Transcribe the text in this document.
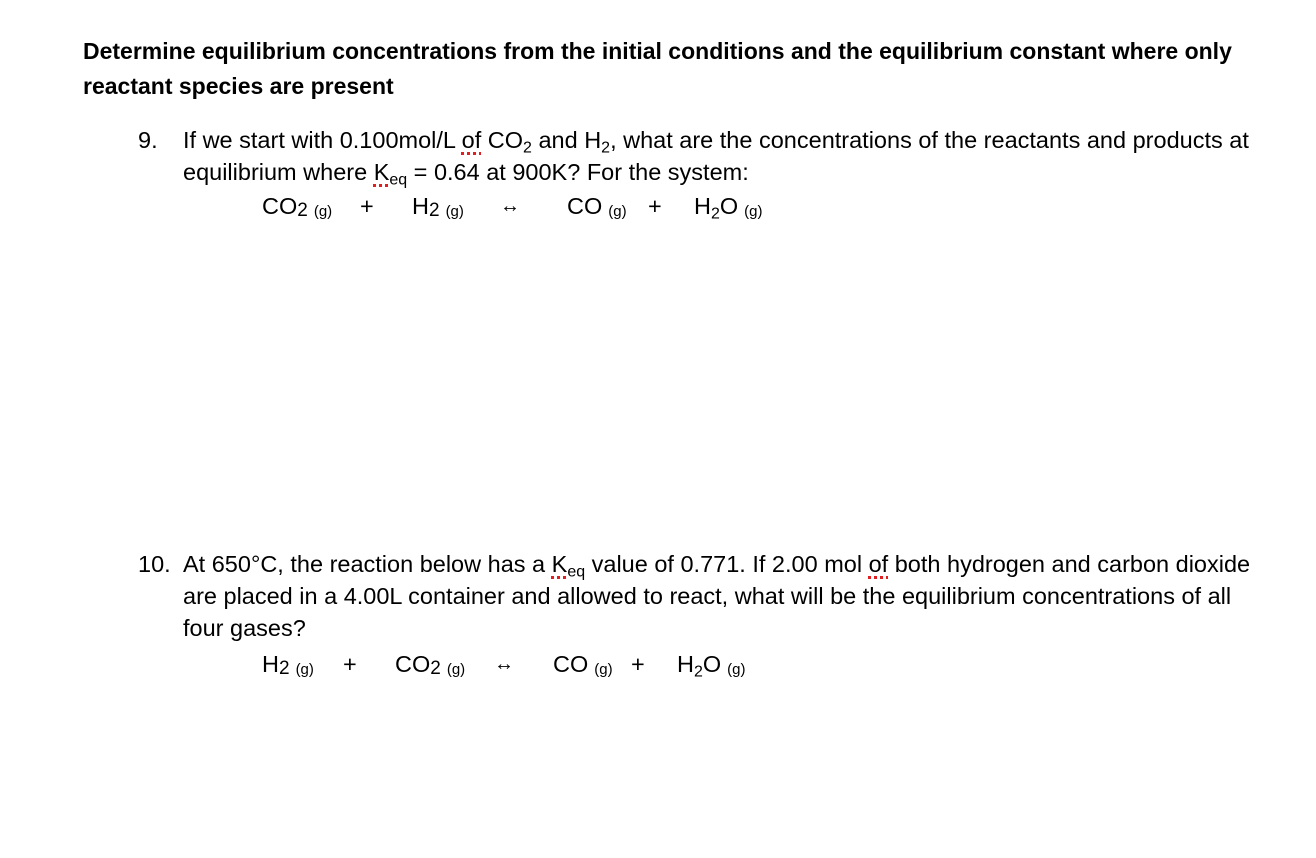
Determine equilibrium concentrations from the initial conditions and the equilibrium constant where only reactant species are present
9. If we start with 0.100mol/L of $CO_2$ and $H_2$, what are the concentrations of the reactants and products at equilibrium where $K_{eq} = 0.64$ at 900K? For the system:
CO2 (g) + H2 (g) ↔ CO $(g) + H_2O$ (g)
10. At 650°C, the reaction below has a $K_{eq}$ value of 0.771. If 2.00 mol of both hydrogen and carbon dioxide are placed in a 4.00L container and allowed to react, what will be the equilibrium concentrations of all four gases?
H2 (g) + CO2 (g) ↔ CO $(g) + H_2O$ (g)
